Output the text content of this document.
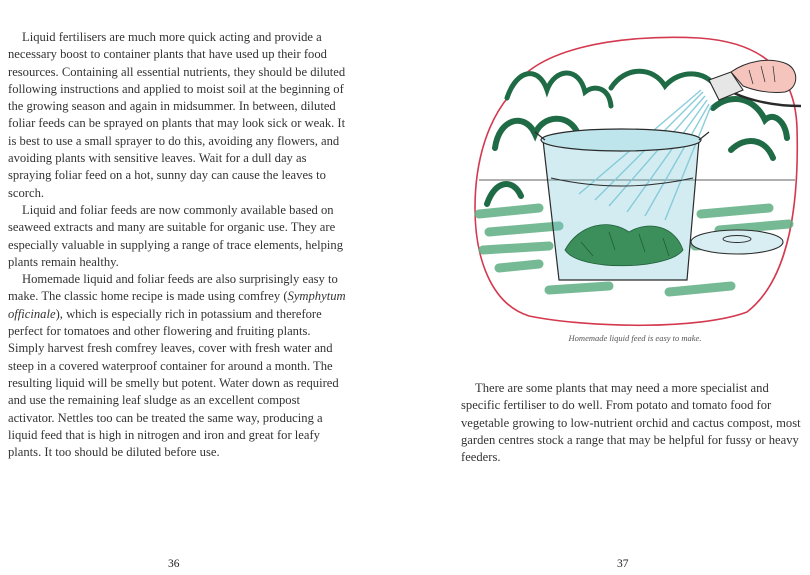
Liquid fertilisers are much more quick acting and provide a necessary boost to container plants that have used up their food resources. Containing all essential nutrients, they should be diluted following instructions and applied to moist soil at the beginning of the growing season and again in midsummer. In between, diluted foliar feeds can be sprayed on plants that may look sick or weak. It is best to use a small sprayer to do this, avoiding any flowers, and avoiding plants with sensitive leaves. Wait for a dull day as spraying foliar feed on a hot, sunny day can cause the leaves to scorch.

Liquid and foliar feeds are now commonly available based on seaweed extracts and many are suitable for organic use. They are especially valuable in supplying a range of trace elements, helping plants remain healthy.

Homemade liquid and foliar feeds are also surprisingly easy to make. The classic home recipe is made using comfrey (Symphytum officinale), which is especially rich in potassium and therefore perfect for tomatoes and other flowering and fruiting plants. Simply harvest fresh comfrey leaves, cover with fresh water and steep in a covered waterproof container for around a month. The resulting liquid will be smelly but potent. Water down as required and use the remaining leaf sludge as an excellent compost activator. Nettles too can be treated the same way, producing a liquid feed that is high in nitrogen and iron and great for leafy plants. It too should be diluted before use.

36
Homemade liquid feed is easy to make.

There are some plants that may need a more specialist and specific fertiliser to do well. From potato and tomato food for vegetable growing to low-nutrient orchid and cactus compost, most garden centres stock a range that may be helpful for fussy or heavy feeders.

37
